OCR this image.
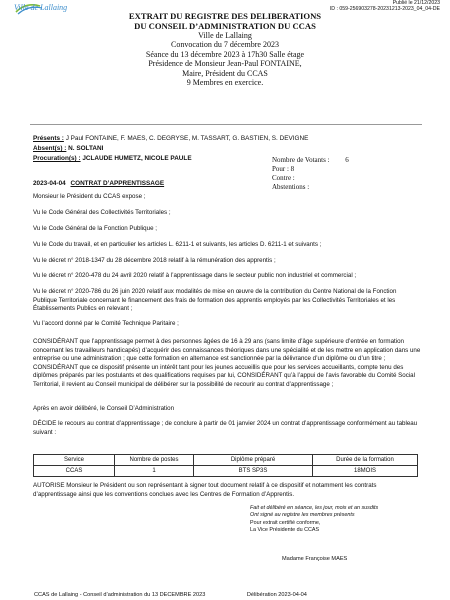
Publié le 21/12/2023
ID : 059-256903278-20231213-2023_04_04-DE
Ville de Lallaing
EXTRAIT DU REGISTRE DES DELIBERATIONS
DU CONSEIL D’ADMINISTRATION DU CCAS
Ville de Lallaing
Convocation du 7 décembre 2023
Séance du 13 décembre 2023 à 17h30 Salle étage
Présidence de Monsieur Jean-Paul FONTAINE,
Maire, Président du CCAS
9 Membres en exercice.
Présents : J Paul FONTAINE, F. MAES, C. DEGRYSE, M. TASSART, G. BASTIEN, S. DEVIGNE
Absent(s) : N. SOLTANI
Procuration(s) : JCLAUDE HUMETZ, NICOLE PAULE	Nombre de Votants : 6
Pour : 8
Contre :
Abstentions :
2023-04-04 CONTRAT D’APPRENTISSAGE
Monsieur le Président du CCAS expose ;
Vu le Code Général des Collectivités Territoriales ;
Vu le Code Général de la Fonction Publique ;
Vu le Code du travail, et en particulier les articles L. 6211-1 et suivants, les articles D. 6211-1 et suivants ;
Vu le décret n° 2018-1347 du 28 décembre 2018 relatif à la rémunération des apprentis ;
Vu le décret n° 2020-478 du 24 avril 2020 relatif à l’apprentissage dans le secteur public non industriel et commercial ;
Vu le décret n° 2020-786 du 26 juin 2020 relatif aux modalités de mise en œuvre de la contribution du Centre National de la Fonction Publique Territoriale concernant le financement des frais de formation des apprentis employés par les Collectivités Territoriales et les Établissements Publics en relevant ;
Vu l’accord donné par le Comité Technique Paritaire ;
CONSIDÉRANT que l’apprentissage permet à des personnes âgées de 16 à 29 ans (sans limite d’âge supérieure d’entrée en formation concernant les travailleurs handicapés) d’acquérir des connaissances théoriques dans une spécialité et de les mettre en application dans une entreprise ou une administration ; que cette formation en alternance est sanctionnée par la délivrance d’un diplôme ou d’un titre ; CONSIDÉRANT que ce dispositif présente un intérêt tant pour les jeunes accueillis que pour les services accueillants, compte tenu des diplômes préparés par les postulants et des qualifications requises par lui, CONSIDÉRANT qu’à l’appui de l’avis favorable du Comité Social Territorial, il revient au Conseil municipal de délibérer sur la possibilité de recourir au contrat d’apprentissage ;
Après en avoir délibéré, le Conseil D’Administration
DÉCIDE le recours au contrat d’apprentissage ; de conclure à partir de 01 janvier 2024 un contrat d’apprentissage conformément au tableau suivant :
Service	Nombre de postes	Diplôme préparé	Durée de la formation
CCAS	1	BTS SP3S	18MOIS
AUTORISE Monsieur le Président ou son représentant à signer tout document relatif à ce dispositif et notamment les contrats d’apprentissage ainsi que les conventions conclues avec les Centres de Formation d’Apprentis.
Fait et délibéré en séance, les jour, mois et an susdits
Ont signé au registre les membres présents
Pour extrait certifié conforme,
La Vice Présidente du CCAS
Madame Françoise MAES
CCAS de Lallaing - Conseil d’administration du 13 DECEMBRE 2023	Délibération 2023-04-04
